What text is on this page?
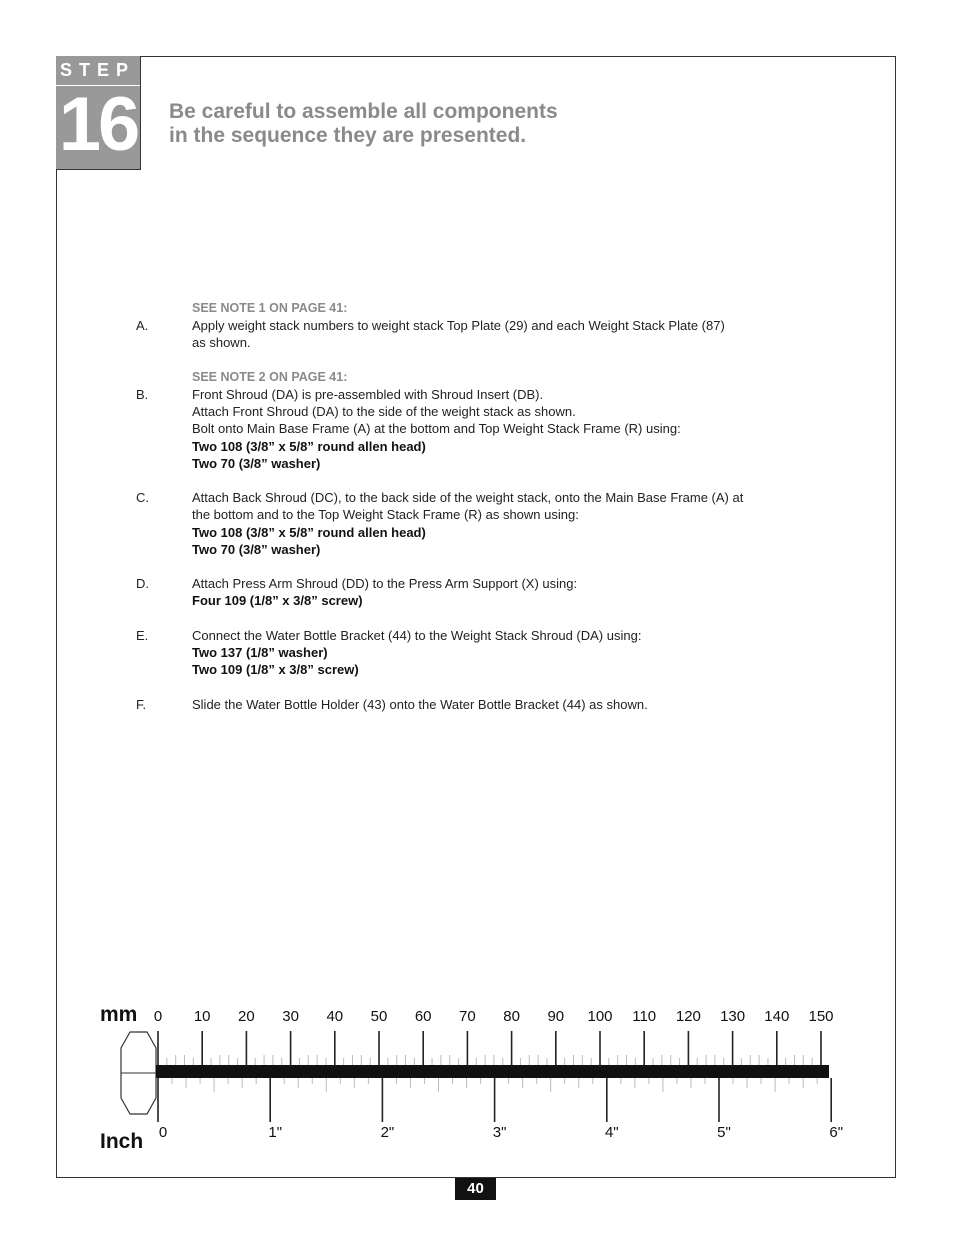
STEP
16 Be careful to assemble all components
in the sequence they are presented.
SEE NOTE 1 ON PAGE 41:
A.	Apply weight stack numbers to weight stack Top Plate (29) and each Weight Stack Plate (87)
as shown.
SEE NOTE 2 ON PAGE 41:
B.	Front Shroud (DA) is pre-assembled with Shroud Insert (DB).
Attach Front Shroud (DA) to the side of the weight stack as shown.
Bolt onto Main Base Frame (A) at the bottom and Top Weight Stack Frame (R) using:
Two 108 (3/8” x 5/8” round allen head)
Two 70 (3/8” washer)
C.	Attach Back Shroud (DC), to the back side of the weight stack, onto the Main Base Frame (A) at
the bottom and to the Top Weight Stack Frame (R) as shown using:
Two 108 (3/8” x 5/8” round allen head)
Two 70 (3/8” washer)
D.	Attach Press Arm Shroud (DD) to the Press Arm Support (X) using:
Four 109 (1/8” x 3/8” screw)
E.	Connect the Water Bottle Bracket (44) to the Weight Stack Shroud (DA) using:
Two 137 (1/8” washer)
Two 109 (1/8” x 3/8” screw)
F.	Slide the Water Bottle Holder (43) onto the Water Bottle Bracket (44) as shown.
mm
Inch
0 10 20 30 40 50 60 70 80 90 100 110 120 130 140 150
0	1"	2"	3"	4"	5"	6"
40
